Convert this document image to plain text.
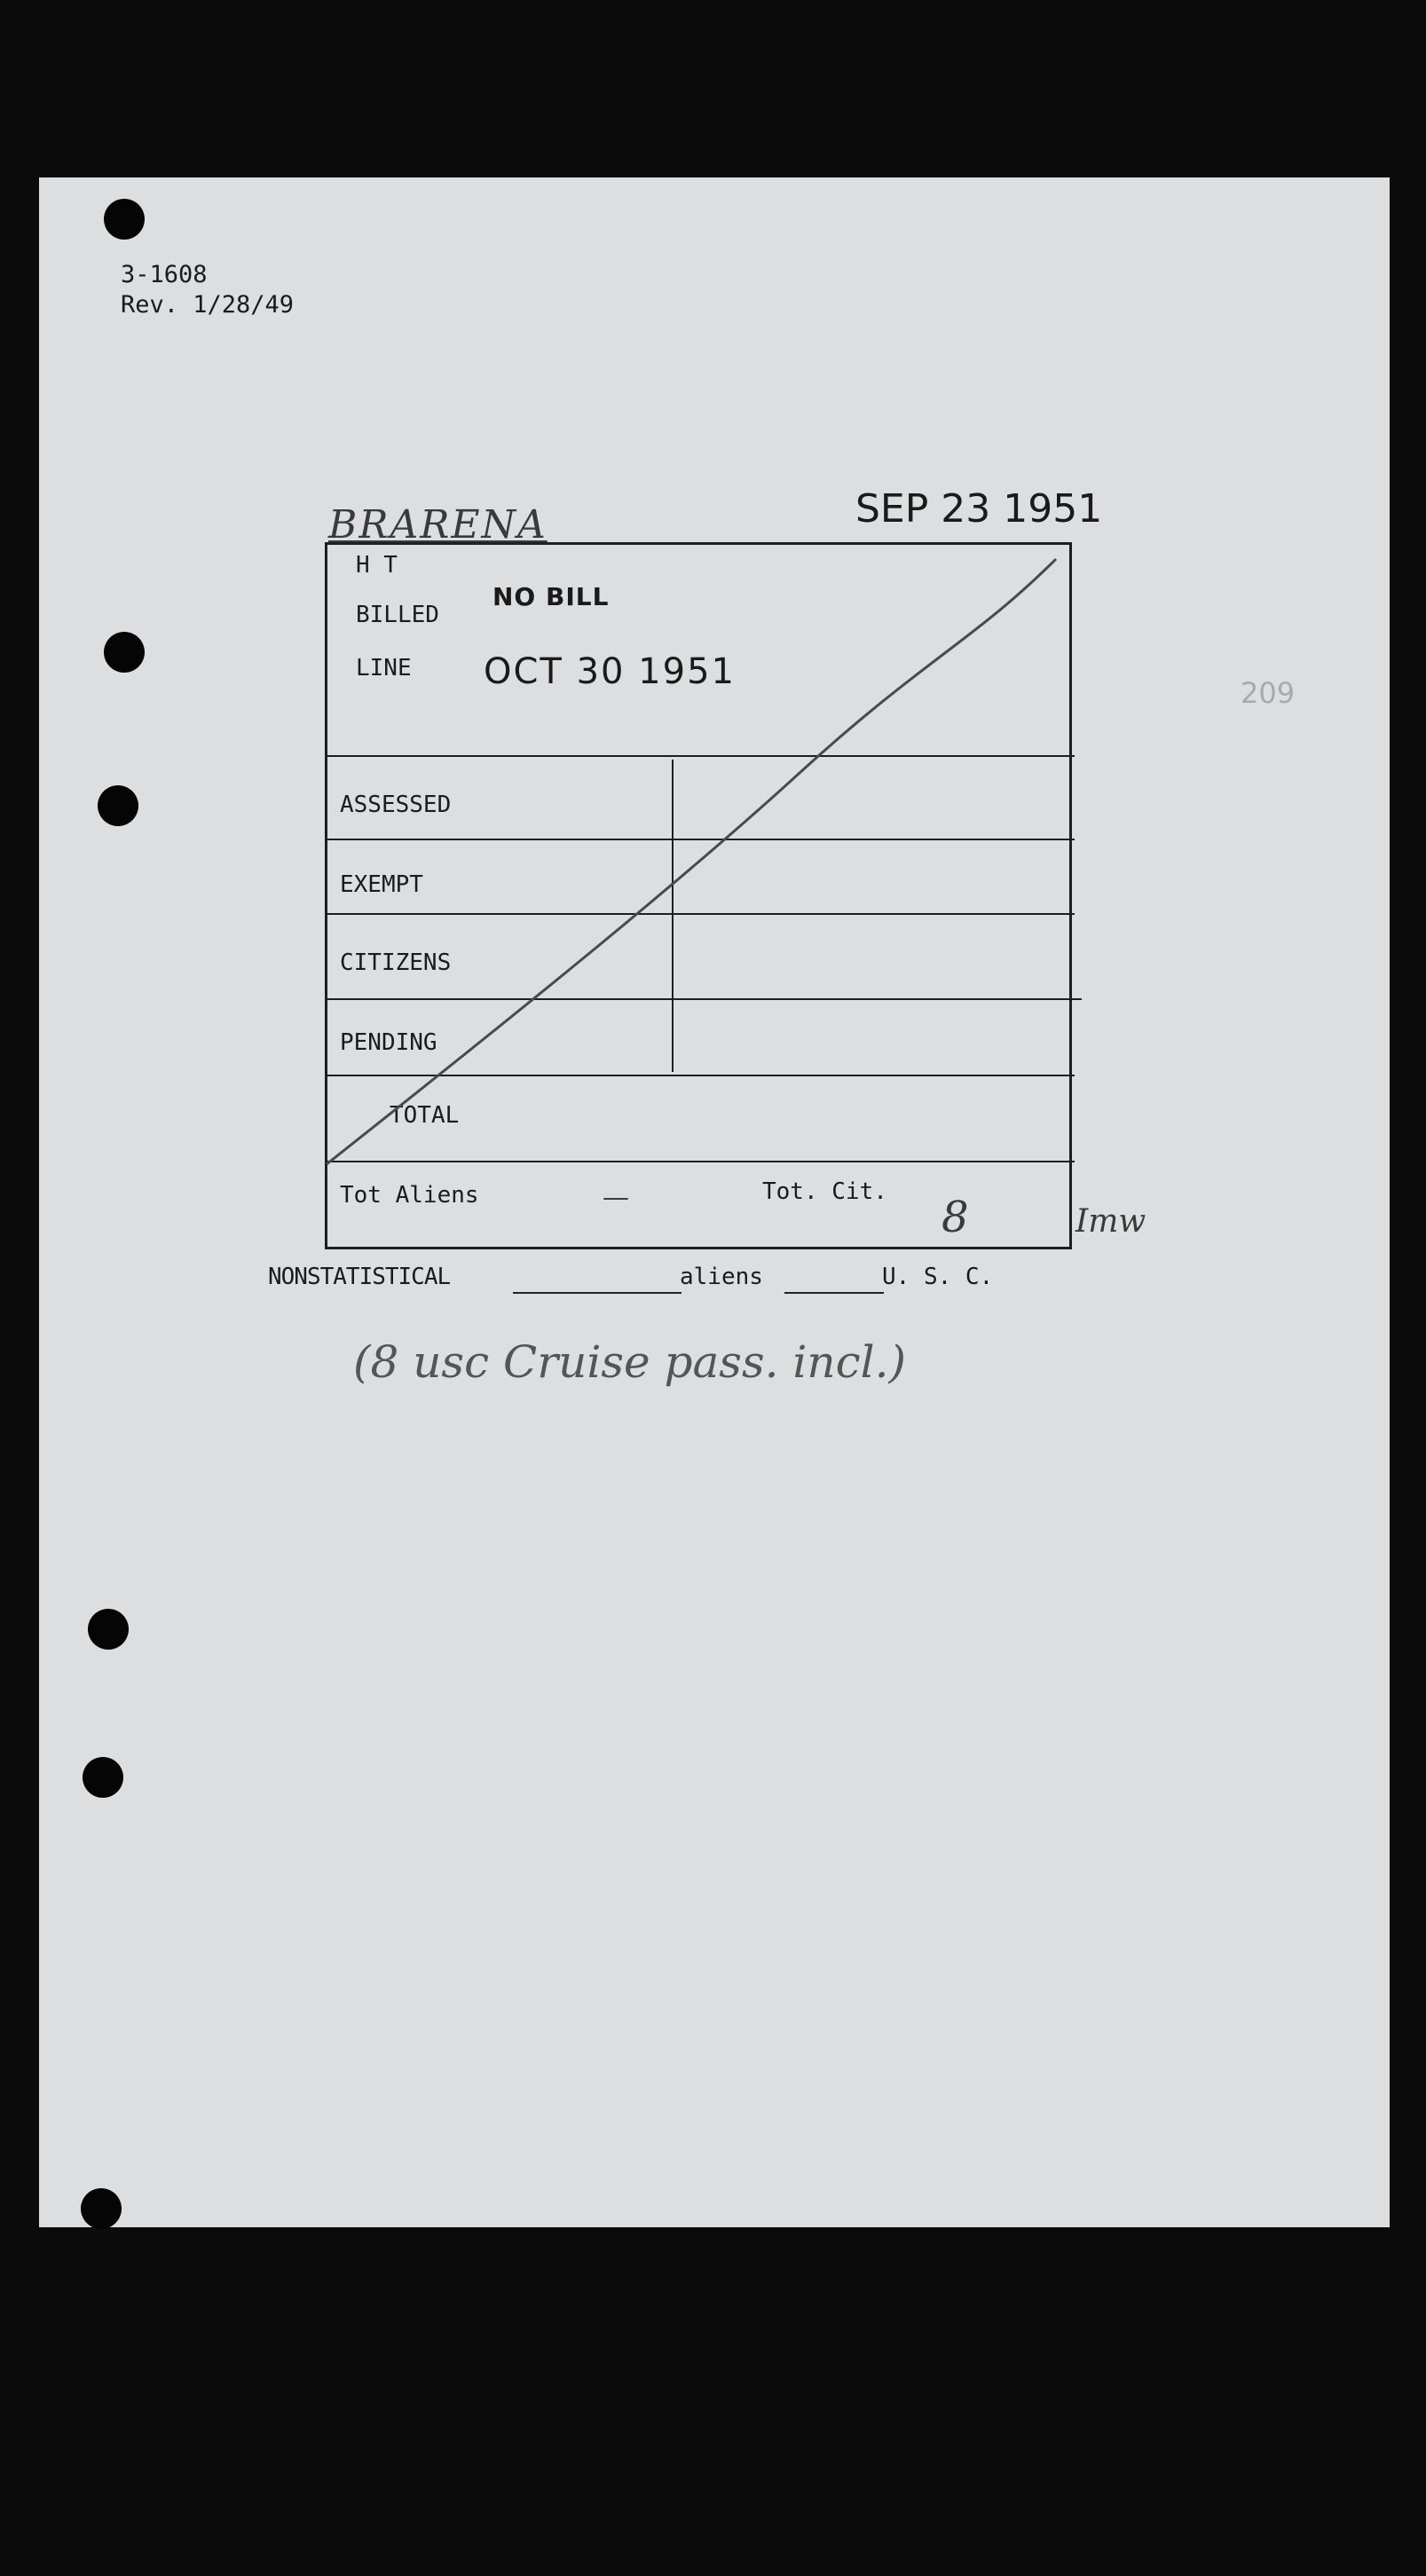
3-1608
Rev. 1/28/49
BRARENA	SEP 23 1951
209
H T
BILLED
NO BILL
LINE OCT 30 1951
ASSESSED
EXEMPT
CITIZENS
PENDING
TOTAL
Tot Aliens	—	Tot. Cit.
8	Imw
NONSTATISTICAL	aliens	U. S. C.
(8 usc Cruise pass. incl.)
